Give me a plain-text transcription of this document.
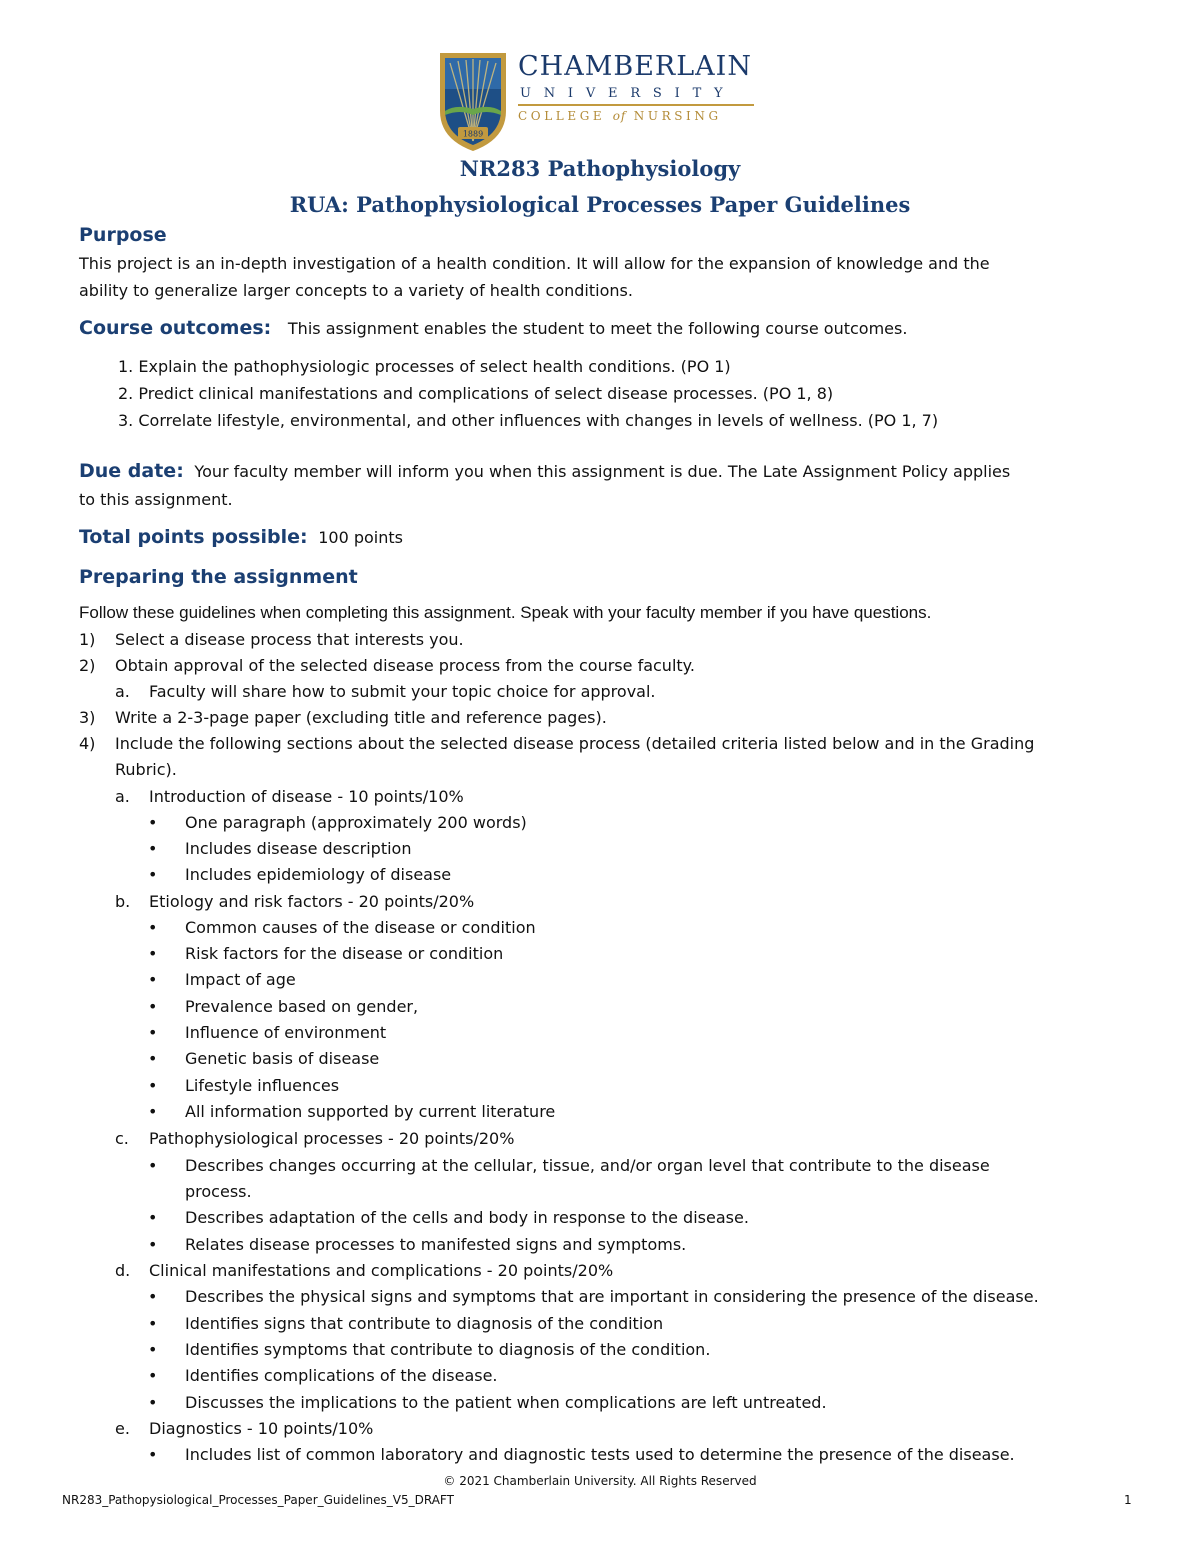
1889
CHAMBERLAIN
UNIVERSITY
COLLEGE of NURSING
NR283 Pathophysiology
RUA: Pathophysiological Processes Paper Guidelines
Purpose
This project is an in-depth investigation of a health condition. It will allow for the expansion of knowledge and the
ability to generalize larger concepts to a variety of health conditions.
Course outcomes: This assignment enables the student to meet the following course outcomes.
1. Explain the pathophysiologic processes of select health conditions. (PO 1)
2. Predict clinical manifestations and complications of select disease processes. (PO 1, 8)
3. Correlate lifestyle, environmental, and other influences with changes in levels of wellness. (PO 1, 7)
Due date: Your faculty member will inform you when this assignment is due. The Late Assignment Policy applies
to this assignment.
Total points possible: 100 points
Preparing the assignment
Follow these guidelines when completing this assignment. Speak with your faculty member if you have questions.
1) Select a disease process that interests you.
2) Obtain approval of the selected disease process from the course faculty.
a. Faculty will share how to submit your topic choice for approval.
3) Write a 2-3-page paper (excluding title and reference pages).
4) Include the following sections about the selected disease process (detailed criteria listed below and in the Grading
Rubric).
a. Introduction of disease - 10 points/10%
• One paragraph (approximately 200 words)
• Includes disease description
• Includes epidemiology of disease
b. Etiology and risk factors - 20 points/20%
• Common causes of the disease or condition
• Risk factors for the disease or condition
• Impact of age
• Prevalence based on gender,
• Influence of environment
• Genetic basis of disease
• Lifestyle influences
• All information supported by current literature
c. Pathophysiological processes - 20 points/20%
• Describes changes occurring at the cellular, tissue, and/or organ level that contribute to the disease
process.
• Describes adaptation of the cells and body in response to the disease.
• Relates disease processes to manifested signs and symptoms.
d. Clinical manifestations and complications - 20 points/20%
• Describes the physical signs and symptoms that are important in considering the presence of the disease.
• Identifies signs that contribute to diagnosis of the condition
• Identifies symptoms that contribute to diagnosis of the condition.
• Identifies complications of the disease.
• Discusses the implications to the patient when complications are left untreated.
e. Diagnostics - 10 points/10%
• Includes list of common laboratory and diagnostic tests used to determine the presence of the disease.
© 2021 Chamberlain University. All Rights Reserved
NR283_Pathopysiological_Processes_Paper_Guidelines_V5_DRAFT	1
